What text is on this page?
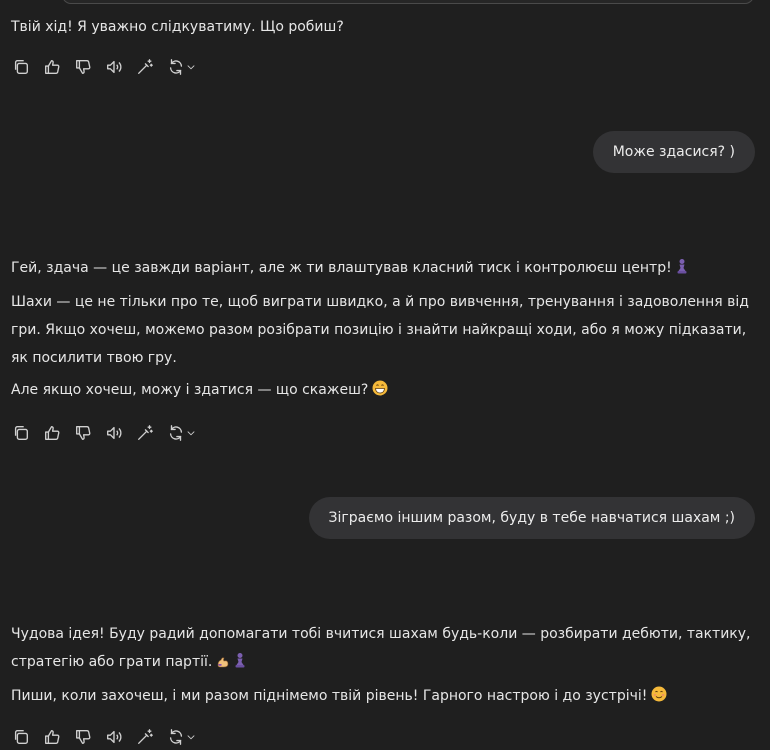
Твій хід! Я уважно слідкуватиму. Що робиш?

Може здасися? )

Гей, здача — це завжди варіант, але ж ти влаштував класний тиск і контролюєш центр!

Шахи — це не тільки про те, щоб виграти швидко, а й про вивчення, тренування і задоволення від гри. Якщо хочеш, можемо разом розібрати позицію і знайти найкращі ходи, або я можу підказати, як посилити твою гру.

Але якщо хочеш, можу і здатися — що скажеш?

Зіграємо іншим разом, буду в тебе навчатися шахам ;)

Чудова ідея! Буду радий допомагати тобі вчитися шахам будь-коли — розбирати дебюти, тактику, стратегію або грати партії.

Пиши, коли захочеш, і ми разом піднімемо твій рівень! Гарного настрою і до зустрічі!
